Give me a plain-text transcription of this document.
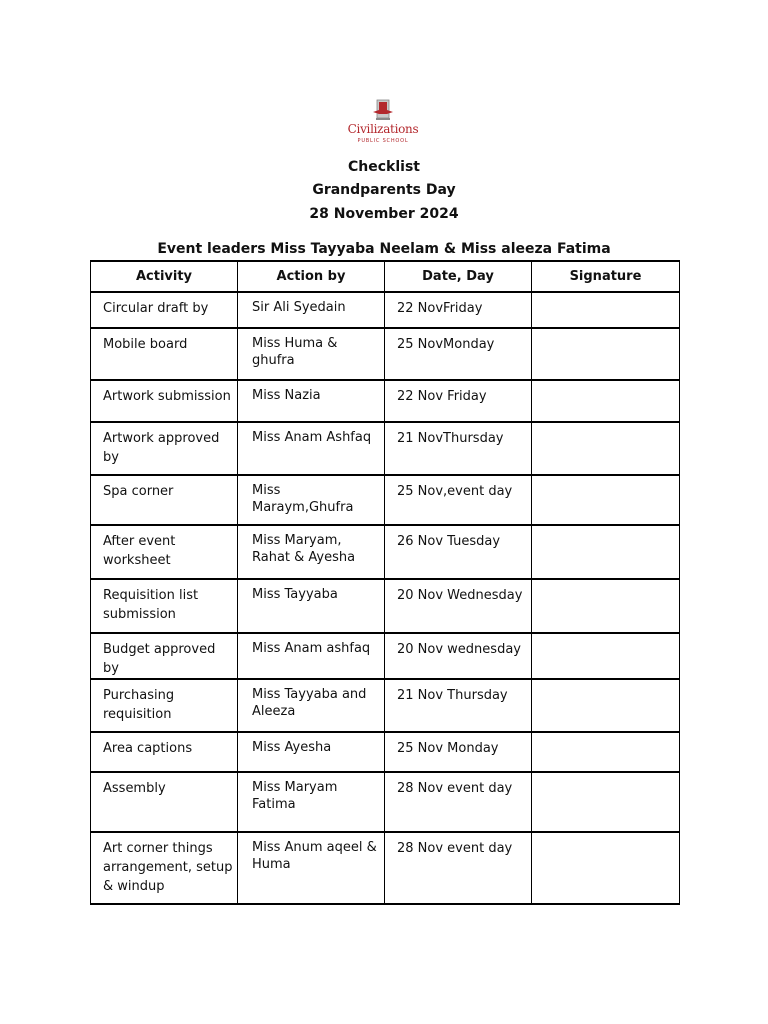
Civilizations
PUBLIC SCHOOL
Checklist
Grandparents Day
28 November 2024
Event leaders Miss Tayyaba Neelam & Miss aleeza Fatima
Activity	Action by	Date, Day	Signature

Circular draft by	Sir Ali Syedain	22 NovFriday	

Mobile board	Miss Huma & ghufra	25 NovMonday	

Artwork submission	Miss Nazia	22 Nov Friday	

Artwork approved by	Miss Anam Ashfaq	21 NovThursday	

Spa corner	Miss Maraym,Ghufra	25 Nov,event day	

After event worksheet	Miss Maryam, Rahat & Ayesha	26 Nov Tuesday	

Requisition list submission	Miss Tayyaba	20 Nov Wednesday	

Budget approved by	Miss Anam ashfaq	20 Nov wednesday	

Purchasing requisition	Miss Tayyaba and Aleeza	21 Nov Thursday	

Area captions	Miss Ayesha	25 Nov Monday	

Assembly	Miss Maryam Fatima	28 Nov event day	

Art corner things arrangement, setup & windup	Miss Anum aqeel & Huma	28 Nov event day	
